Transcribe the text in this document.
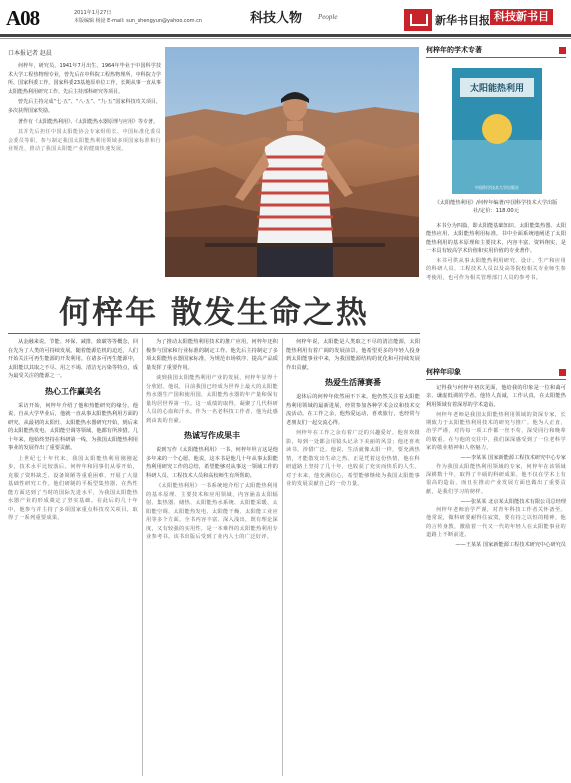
A08	2011年1月27日
本版编辑 杨崑 E-mail: sun_shengyun@yahoo.com.cn	科技人物 People	新华书目报 科技新书目
口本报记者 赵晨

何梓年，研究员，1941年7月出生。1964年毕业于中国科学技术大学工程热物理专业，曾先后在中科院工程热物理所、中科院力学所、国家科委工作。国家科委23基地原单位工作，长期从事一直从事太阳能热利用研究工作。先后主持部科研究等项目。

曾先后主持完成“七·五”、“八·五”、“九·五”国家科技攻关项目，多次获得国家奖励。

著作有《太阳能热利用》、《太阳能热水器原理与应用》等专著。

其并先后担任中国太阳能协会专家组组长、中国标准化委员会委员等职，参与制定我国太阳能热利用领域多项国家标准和行业规范，推动了我国太阳能产业的健康快速发展。

何梓年 散发生命之热

从金融来说，节能、环保、减排，致碳等等概念，回在先为了人类的可持续发展。随着能源危机的迫近，人们开始关注可再生能源的开发利用。在诸多可再生能源中，太阳能以其取之不尽、用之不竭、清洁无污染等特点，成为最受关注的能源之一。

热心工作赢美名

采访开始，何梓年介绍了他和热能研究的缘分。他说，自从大学毕业后，他就一直从事太阳能热利用方面的研究。从最初的太阳灶、太阳能热水器研究开始，到后来的太阳能热发电、太阳能空调等领域，他都有所涉猎。几十年来，他始终坚持在科研第一线，为我国太阳能热利用事业的发展作出了重要贡献。

上世纪七十年代末，我国太阳能热利用刚刚起步，技术水平比较落后。何梓年和同事们从零开始，克服了资料缺乏、设备简陋等重重困难，开展了大量基础性研究工作。他们研制的平板型集热器，在热性能方面达到了当时的国际先进水平，为我国太阳能热水器产业的形成奠定了坚实基础。在此后的几十年中，他参与并主持了多项国家重点科技攻关项目，取得了一系列重要成果。

为了推动太阳能热利用技术的推广应用，何梓年还积极参与国家和行业标准的制定工作。他先后主持制定了多项太阳能热水器国家标准，为规范市场秩序、提高产品质量发挥了重要作用。

谈到我国太阳能热利用产业的发展，何梓年显得十分欣慰。他说，目前我国已经成为世界上最大的太阳能热水器生产国和使用国，太阳能热水器的年产量和保有量均居世界第一位。这一成绩的取得，凝聚了几代科研人员的心血和汗水。作为一名老科技工作者，他为此感到由衷的自豪。

热诚写作成果丰

说到写作《太阳能热利用》一书，何梓年坦言这是他多年来的一个心愿。他说，这本书是他几十年从事太阳能热利用研究工作的总结，希望能够对从事这一领域工作的科研人员、工程技术人员和高校师生有所帮助。

《太阳能热利用》一书系统地介绍了太阳能热利用的基本原理、主要技术和应用领域，内容涵盖太阳辐射、集热器、储热、太阳能热水系统、太阳能采暖、太阳能空调、太阳能热发电、太阳能干燥、太阳能工业应用等多个方面。全书内容丰富、深入浅出，既有理论深度，又有较强的实用性，是一本难得的太阳能热利用专业参考书。该书出版后受到了业内人士的广泛好评。

何梓年说，太阳能是人类取之不尽的清洁能源，太阳能热利用有着广阔的发展前景。他希望更多的年轻人投身到太阳能事业中来，为我国能源结构的优化和可持续发展作出贡献。

热爱生活薄赛番

退休后的何梓年依然闲不下来。他仍然关注着太阳能热利用领域的最新进展，经常参加各种学术会议和技术交流活动。在工作之余，他热爱运动，喜欢旅行，也经常与老朋友们一起交流心得。

何梓年在工作之余有着广泛的兴趣爱好。他喜欢摄影，每到一处都会用镜头记录下美丽的风景；他还喜欢读书，涉猎广泛。他说，生活就像太阳一样，要充满热情，才能散发出生命之热。正是凭着这份热情，他在科研道路上坚持了几十年，也收获了充实而快乐的人生。对于未来，他充满信心，希望能够继续为我国太阳能事业的发展贡献自己的一份力量。

何梓年的学术专著
太阳能热利用
中国科学技术大学出版社
《太阳能热利用》/何梓年编著/中国科学技术大学出版社/定价：118.00元

本书分为四篇，即太阳能基础知识、太阳能集热器、太阳能热应用、太阳能热利用标准。书中全面系统地阐述了太阳能热利用的基本原理和主要技术，内容丰富、资料翔实，是一本具有较高学术价值和实用价值的专业著作。

本书可供从事太阳能热利用研究、设计、生产和应用的科研人员、工程技术人员以及高等院校相关专业师生参考使用，也可作为相关管理部门人员的参考书。

何梓年印象

记得我与何梓年初次见面，他给我的印象是一位和蔼可亲、谦虚低调的学者。他待人真诚，工作认真，在太阳能热利用领域有着深厚的学术造诣。

何梓年老师是我国太阳能热利用领域的资深专家，长期致力于太阳能热利用技术的研究与推广。他为人正直，治学严谨，对待每一项工作都一丝不苟，深受同行和晚辈的敬重。在与他的交往中，我们深深感受到了一位老科学家的敬业精神和人格魅力。

——李某某 国家新能源工程技术研究中心专家

作为我国太阳能热利用领域的专家，何梓年在该领域深耕数十年，取得了丰硕的科研成果。他不仅在学术上有很高的造诣，而且在推动产业发展方面也做出了重要贡献，是我们学习的榜样。

——张某某 北京某太阳能技术有限公司总经理

何梓年老师治学严谨，对青年科技工作者关怀备至。他常说，做科研要耐得住寂寞，要有持之以恒的精神。他的言传身教，激励着一代又一代的年轻人在太阳能事业的道路上不断前进。

——王某某 国家新能源工程技术研究中心研究员
